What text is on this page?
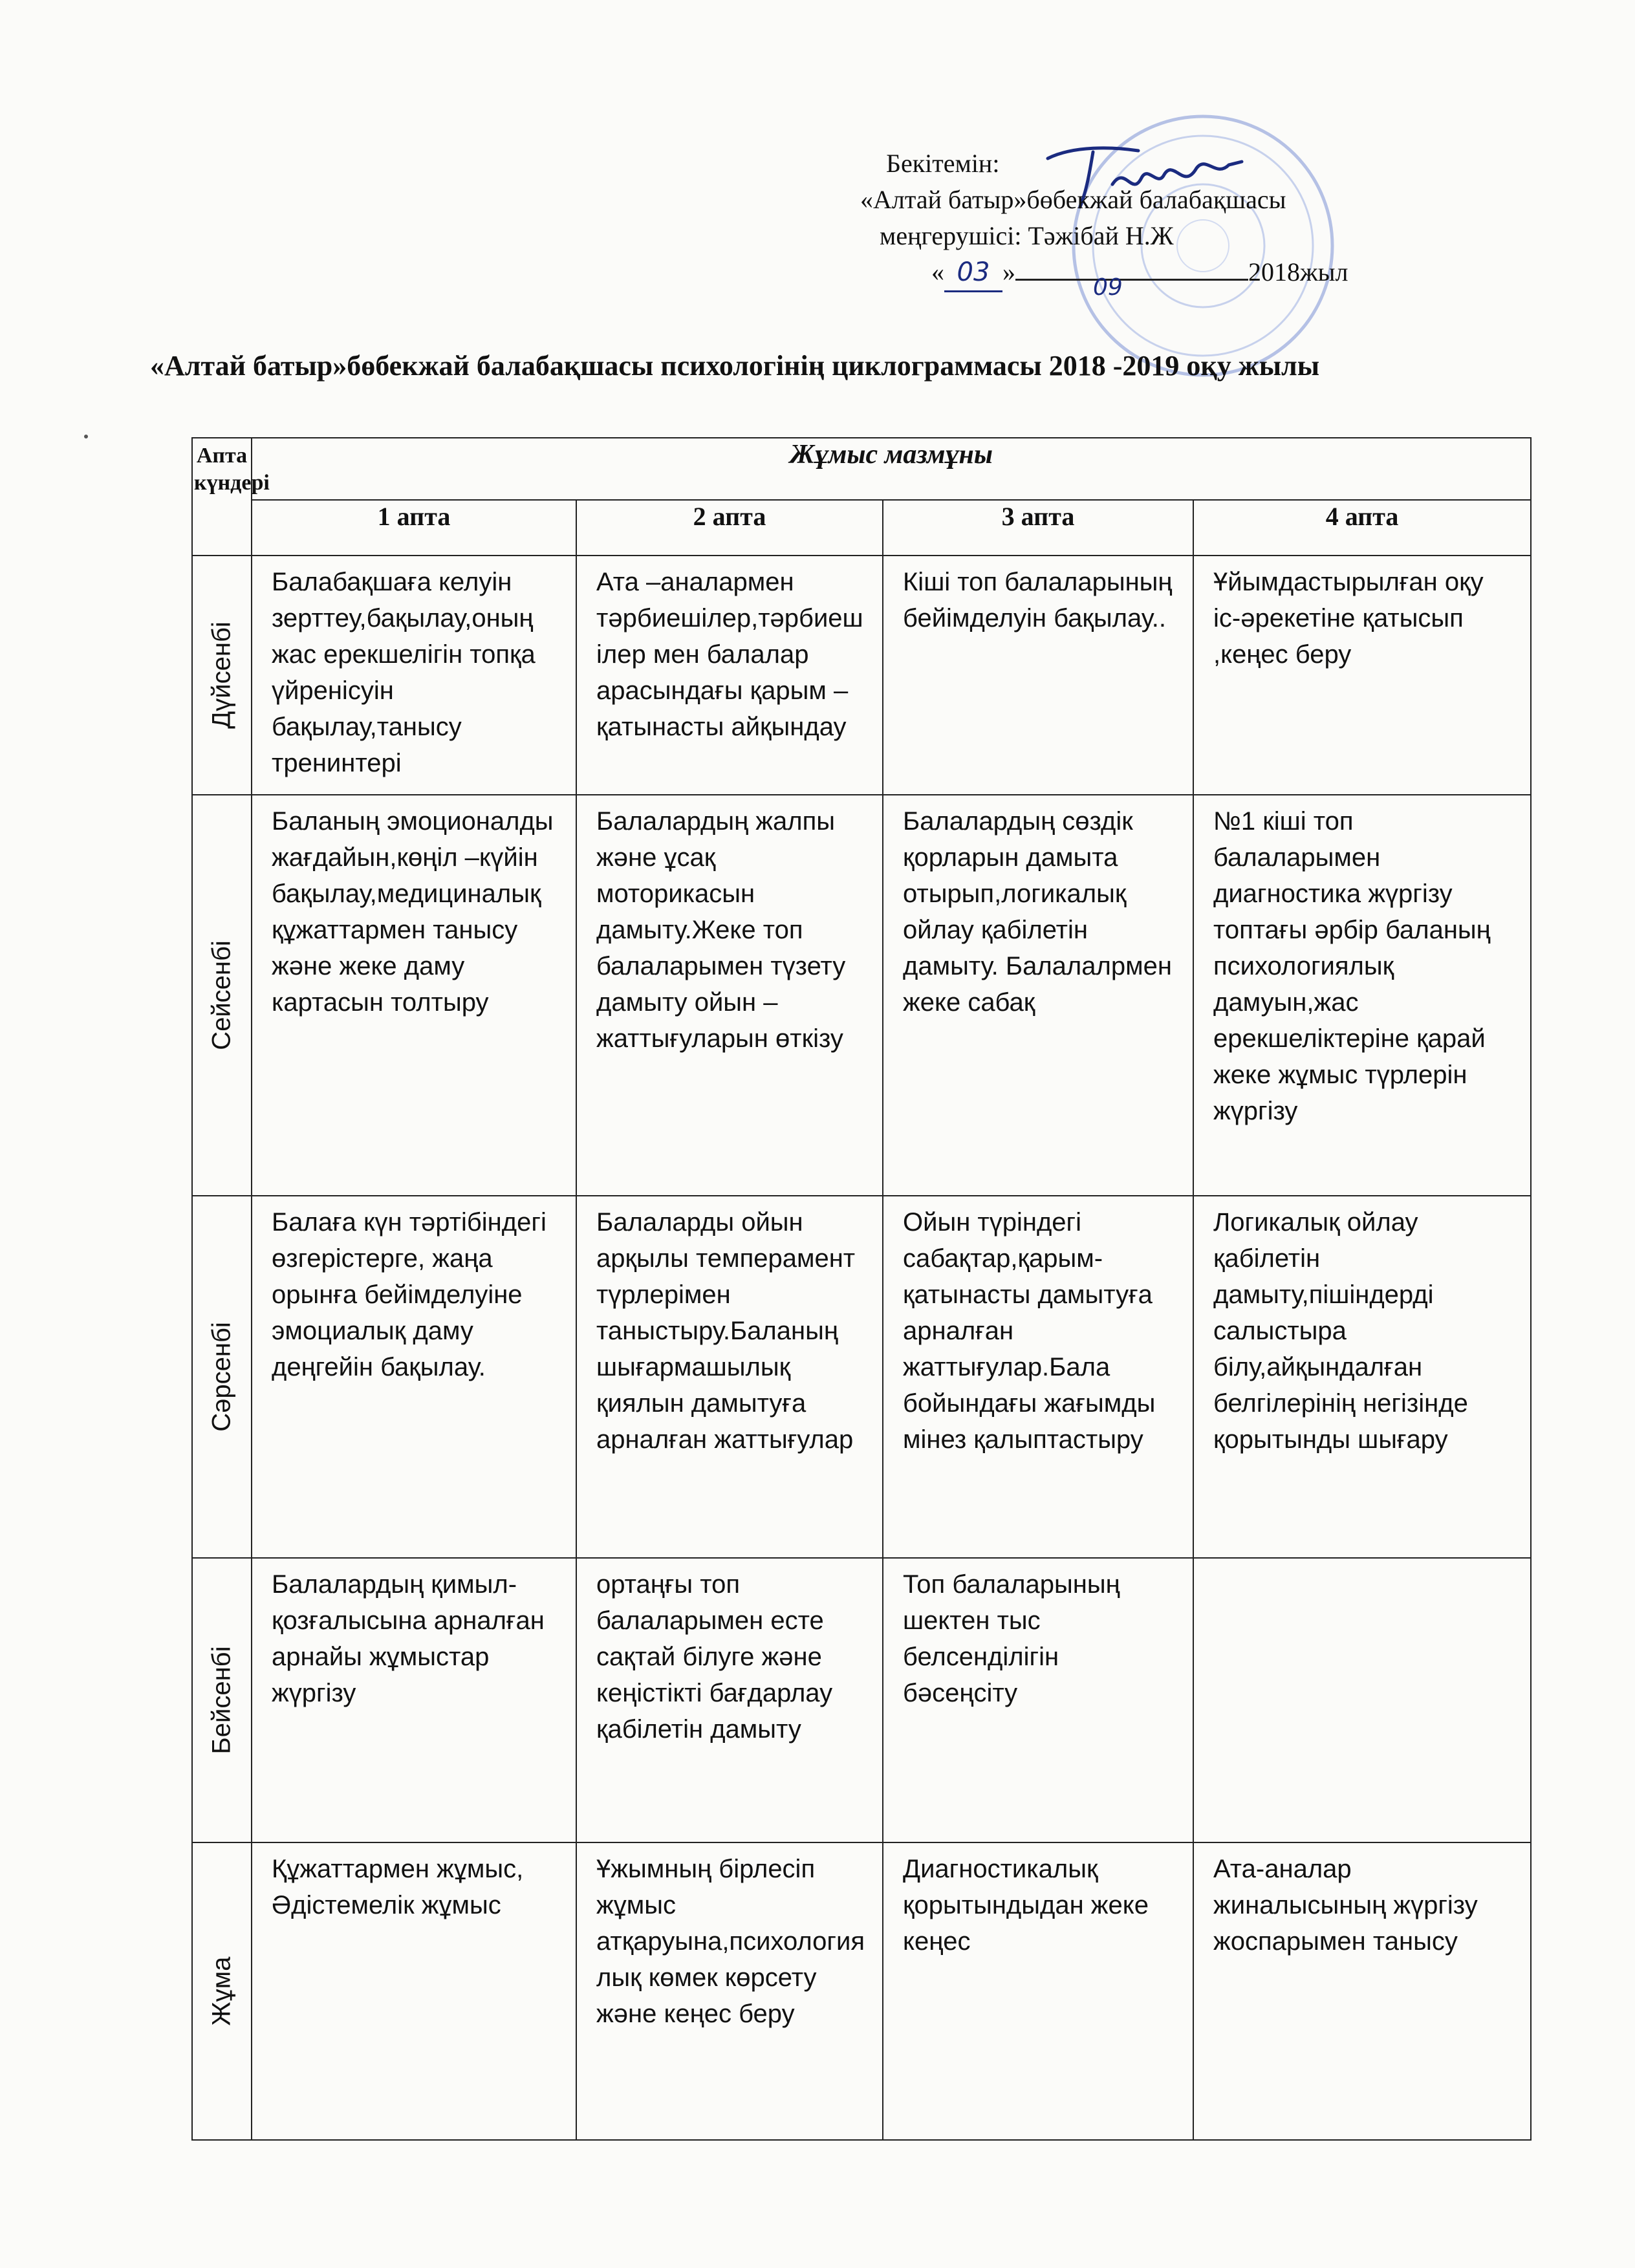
Бекітемін:
«Алтай батыр»бөбекжай балабақшасы
меңгерушісі: Тәжібай Н.Ж
« 03 »
09
2018жыл
«Алтай батыр»бөбекжай балабақшасы психологінің циклограммасы 2018 -2019 оқу жылы
Апта күндері	Жұмыс мазмұны			
	1 апта	2 апта	3 апта	4 апта

Дүйсенбі	Балабақшаға келуін зерттеу,бақылау,оның жас ерекшелігін топқа үйренісуін бақылау,танысу тренинтері	Ата –аналармен тәрбиешілер,тәрбиешілер мен балалар арасындағы қарым –қатынасты айқындау	Кіші топ балаларының бейімделуін бақылау..	Ұйымдастырылған оқу іс-әрекетіне қатысып ,кеңес беру

Сейсенбі	Баланың эмоционалды жағдайын,көңіл –күйін бақылау,медициналық құжаттармен танысу және жеке даму картасын толтыру	Балалардың жалпы және ұсақ моторикасын дамыту.Жеке топ балаларымен түзету дамыту ойын –жаттығуларын өткізу	Балалардың сөздік қорларын дамыта отырып,логикалық ойлау қабілетін дамыту. Балалалрмен жеке сабақ	№1 кіші топ балаларымен диагностика жүргізу топтағы әрбір баланың психологиялық дамуын,жас ерекшеліктеріне қарай жеке жұмыс түрлерін жүргізу

Сәрсенбі	Балаға күн тәртібіндегі өзгерістерге, жаңа орынға бейімделуіне эмоциалық даму деңгейін бақылау.	Балаларды ойын арқылы темперамент түрлерімен таныстыру.Баланың шығармашылық қиялын дамытуға арналған жаттығулар	Ойын түріндегі сабақтар,қарым-қатынасты дамытуға арналған жаттығулар.Бала бойындағы жағымды мінез қалыптастыру	Логикалық ойлау қабілетін дамыту,пішіндерді салыстыра білу,айқындалған белгілерінің негізінде қорытынды шығару

Бейсенбі	Балалардың қимыл-қозғалысына арналған арнайы жұмыстар жүргізу	ортаңғы топ балаларымен есте сақтай білуге және кеңістікті бағдарлау қабілетін дамыту	Топ балаларының шектен тыс белсенділігін бәсеңсіту	

Жұма	Құжаттармен жұмыс, Әдістемелік жұмыс	Ұжымның бірлесіп жұмыс атқаруына,психологиялық көмек көрсету және кеңес беру	Диагностикалық қорытындыдан жеке кеңес	Ата-аналар жиналысының жүргізу жоспарымен танысу
